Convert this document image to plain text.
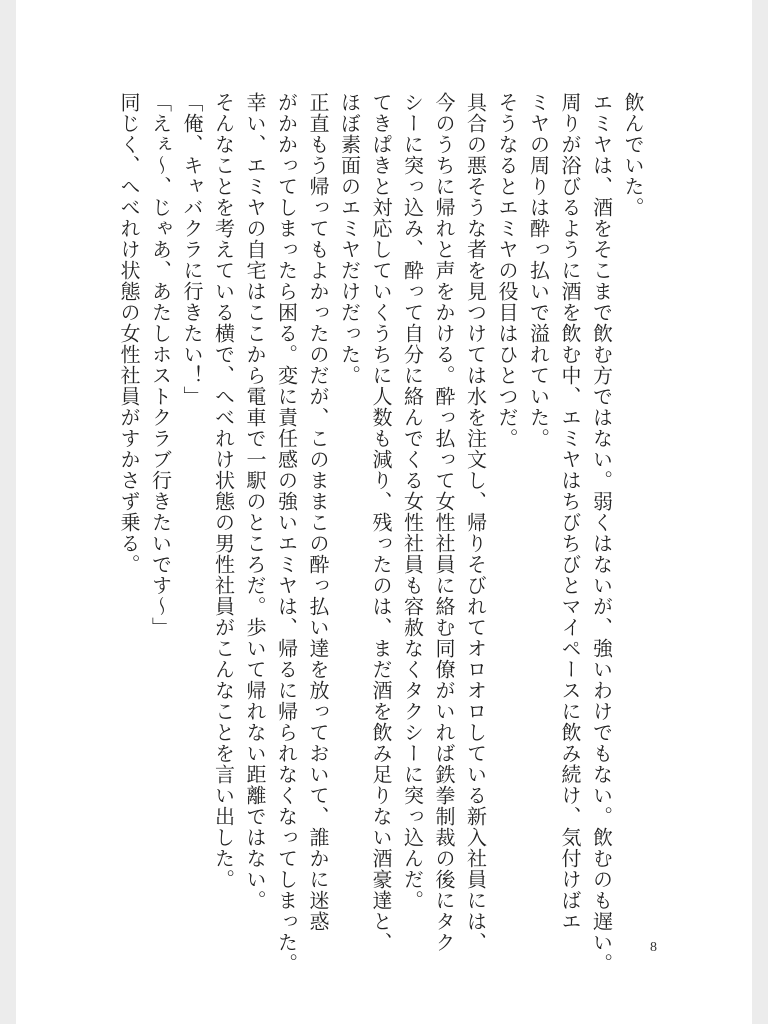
飲んでいた。
エミヤは、酒をそこまで飲む方ではない。弱くはないが、強いわけでもない。飲むのも遅い。
周りが浴びるように酒を飲む中、エミヤはちびちびとマイペースに飲み続け、気付けばエ
ミヤの周りは酔っ払いで溢れていた。
そうなるとエミヤの役目はひとつだ。
具合の悪そうな者を見つけては水を注文し、帰りそびれてオロオロしている新入社員には、
今のうちに帰れと声をかける。酔っ払って女性社員に絡む同僚がいれば鉄拳制裁の後にタク
シーに突っ込み、酔って自分に絡んでくる女性社員も容赦なくタクシーに突っ込んだ。
てきぱきと対応していくうちに人数も減り、残ったのは、まだ酒を飲み足りない酒豪達と、
ほぼ素面のエミヤだけだった。
正直もう帰ってもよかったのだが、このままこの酔っ払い達を放っておいて、誰かに迷惑
がかかってしまったら困る。変に責任感の強いエミヤは、帰るに帰られなくなってしまった。
幸い、エミヤの自宅はここから電車で一駅のところだ。歩いて帰れない距離ではない。
そんなことを考えている横で、へべれけ状態の男性社員がこんなことを言い出した。
「俺、キャバクラに行きたい！」
「えぇ～、じゃあ、あたしホストクラブ行きたいです～」
同じく、へべれけ状態の女性社員がすかさず乗る。
8
